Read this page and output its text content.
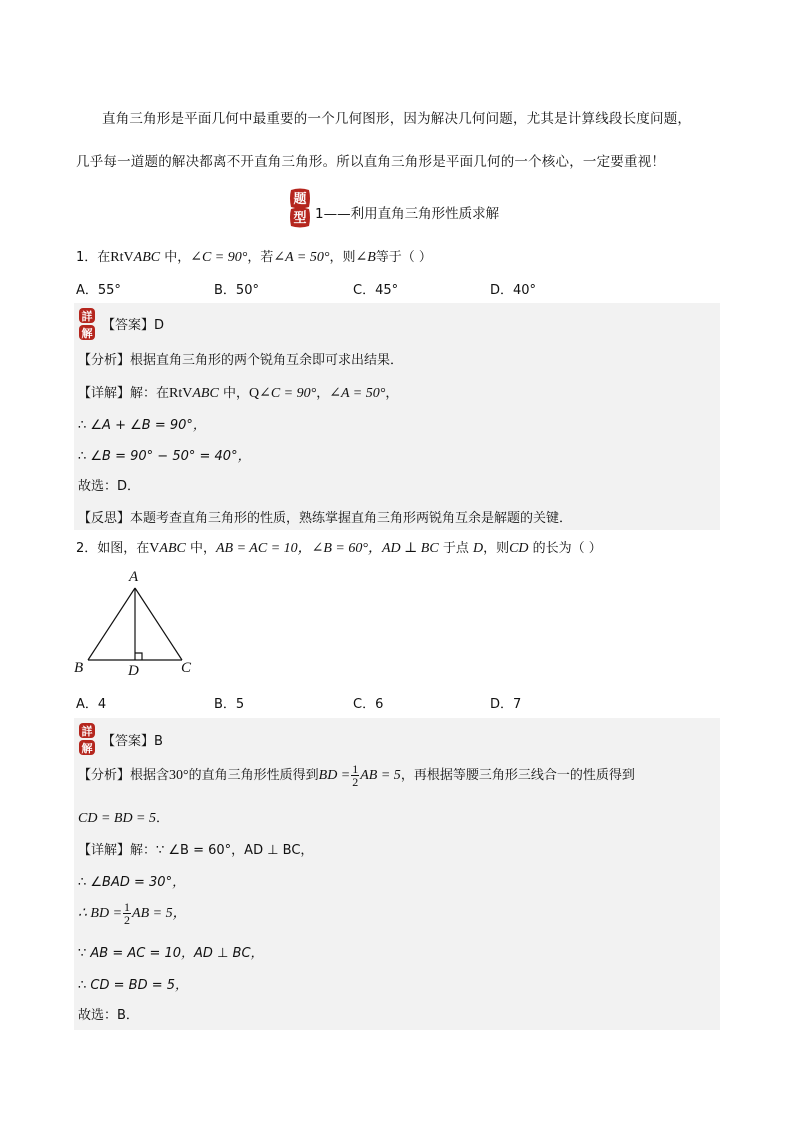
直角三角形是平面几何中最重要的一个几何图形，因为解决几何问题，尤其是计算线段长度问题，
几乎每一道题的解决都离不开直角三角形。所以直角三角形是平面几何的一个核心，一定要重视！
题
型 1——利用直角三角形性质求解
1．在RtVABC 中，∠C = 90°，若∠A = 50°，则∠B等于（ ）
A．55°	B．50°	C．45°	D．40°
詳
解
【答案】D
【分析】根据直角三角形的两个锐角互余即可求出结果．
【详解】解：在RtVABC 中，Q∠C = 90°，∠A = 50°，
∴ ∠A + ∠B = 90°，
∴ ∠B = 90° − 50° = 40°，
故选：D．
【反思】本题考查直角三角形的性质，熟练掌握直角三角形两锐角互余是解题的关键．
2．如图，在VABC 中，AB = AC = 10，∠B = 60°，AD ⊥ BC 于点 D，则CD 的长为（ ）
A
B	D	C
A．4	B．5	C．6	D．7
詳
解 【答案】B
【分析】根据含30°的直角三角形性质得到BD = $\frac{1}{2}$ AB = 5，再根据等腰三角形三线合一的性质得到
CD = BD = 5．
【详解】解：∵ ∠B = 60°，AD ⊥ BC，
∴ ∠BAD = 30°，
∴ BD = $\frac{1}{2}$ AB = 5，
∵ AB = AC = 10，AD ⊥ BC，
∴ CD = BD = 5，
故选：B．
